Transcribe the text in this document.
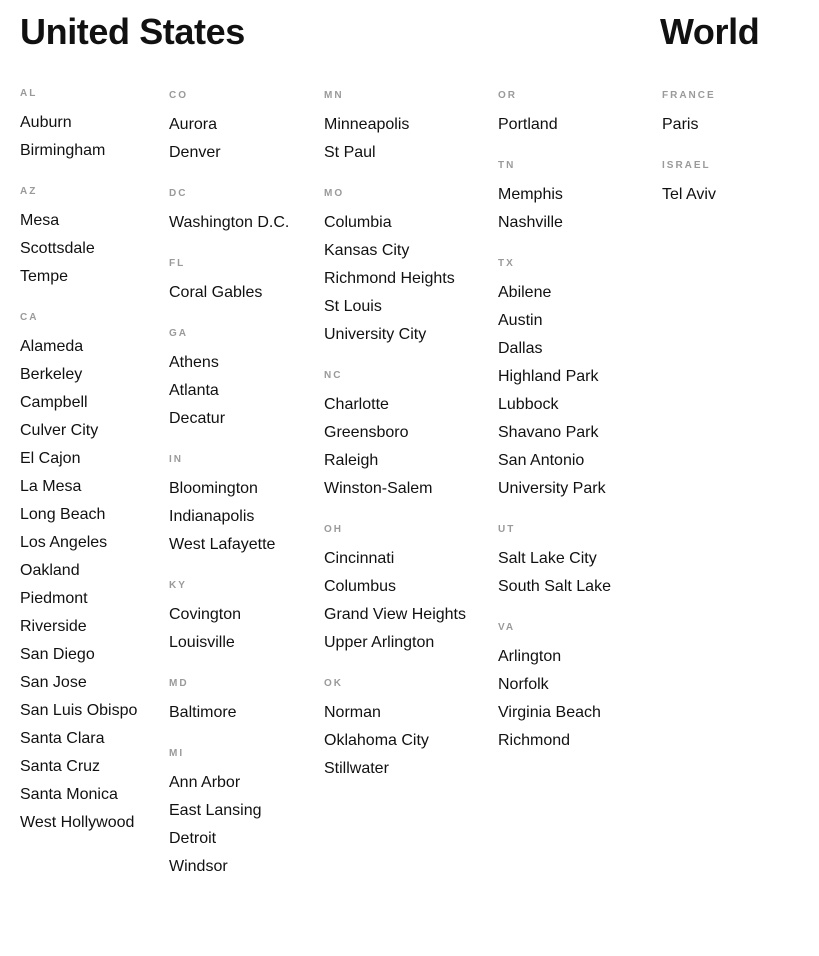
United States	World
AL
Auburn
Birmingham
AZ
Mesa
Scottsdale
Tempe
CA
Alameda
Berkeley
Campbell
Culver City
El Cajon
La Mesa
Long Beach
Los Angeles
Oakland
Piedmont
Riverside
San Diego
San Jose
San Luis Obispo
Santa Clara
Santa Cruz
Santa Monica
West Hollywood
CO
Aurora
Denver
DC
Washington D.C.
FL
Coral Gables
GA
Athens
Atlanta
Decatur
IN
Bloomington
Indianapolis
West Lafayette
KY
Covington
Louisville
MD
Baltimore
MI
Ann Arbor
East Lansing
Detroit
Windsor
MN
Minneapolis
St Paul
MO
Columbia
Kansas City
Richmond Heights
St Louis
University City
NC
Charlotte
Greensboro
Raleigh
Winston-Salem
OH
Cincinnati
Columbus
Grand View Heights
Upper Arlington
OK
Norman
Oklahoma City
Stillwater
OR
Portland
TN
Memphis
Nashville
TX
Abilene
Austin
Dallas
Highland Park
Lubbock
Shavano Park
San Antonio
University Park
UT
Salt Lake City
South Salt Lake
VA
Arlington
Norfolk
Virginia Beach
Richmond
FRANCE
Paris
ISRAEL
Tel Aviv
